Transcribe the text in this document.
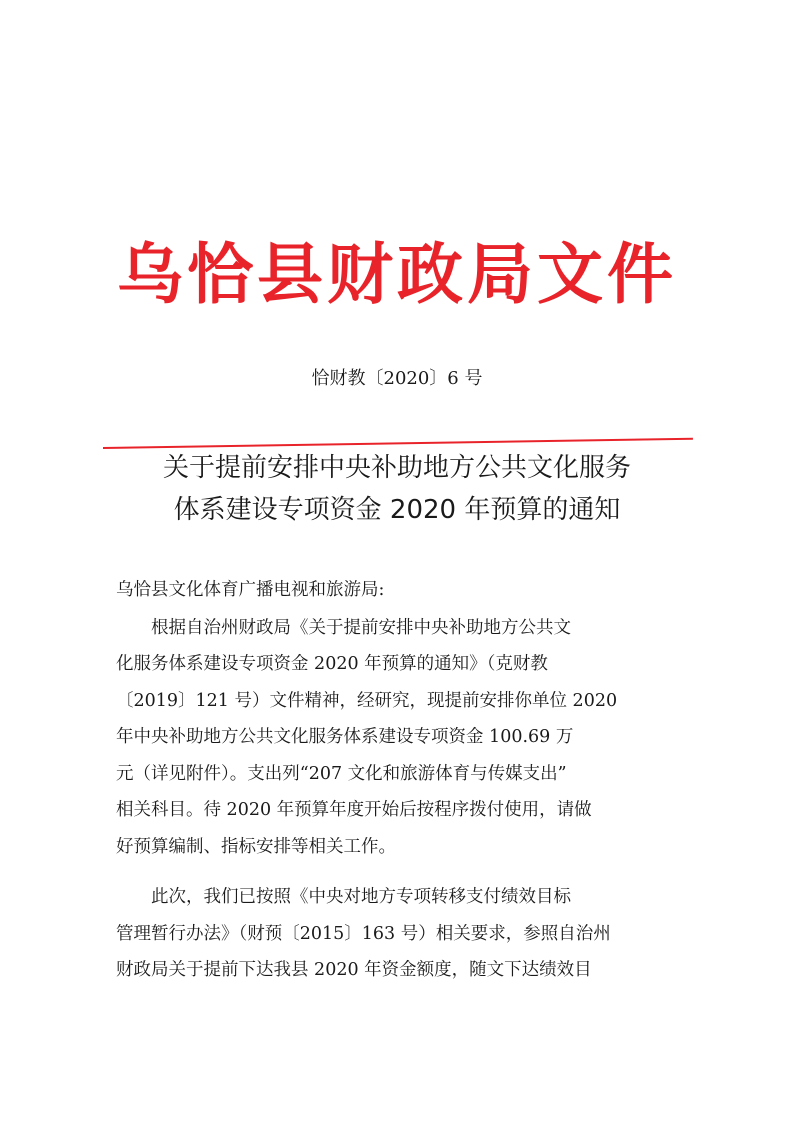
乌恰县财政局文件
恰财教〔2020〕6 号
关于提前安排中央补助地方公共文化服务
体系建设专项资金 2020 年预算的通知

乌恰县文化体育广播电视和旅游局:

根据自治州财政局《关于提前安排中央补助地方公共文

化服务体系建设专项资金 2020 年预算的通知》（克财教

〔2019〕121 号）文件精神，经研究，现提前安排你单位 2020

年中央补助地方公共文化服务体系建设专项资金 100.69 万

元（详见附件）。支出列“207 文化和旅游体育与传媒支出”

相关科目。待 2020 年预算年度开始后按程序拨付使用，请做

好预算编制、指标安排等相关工作。

此次，我们已按照《中央对地方专项转移支付绩效目标

管理暂行办法》（财预〔2015〕163 号）相关要求，参照自治州

财政局关于提前下达我县 2020 年资金额度，随文下达绩效目
